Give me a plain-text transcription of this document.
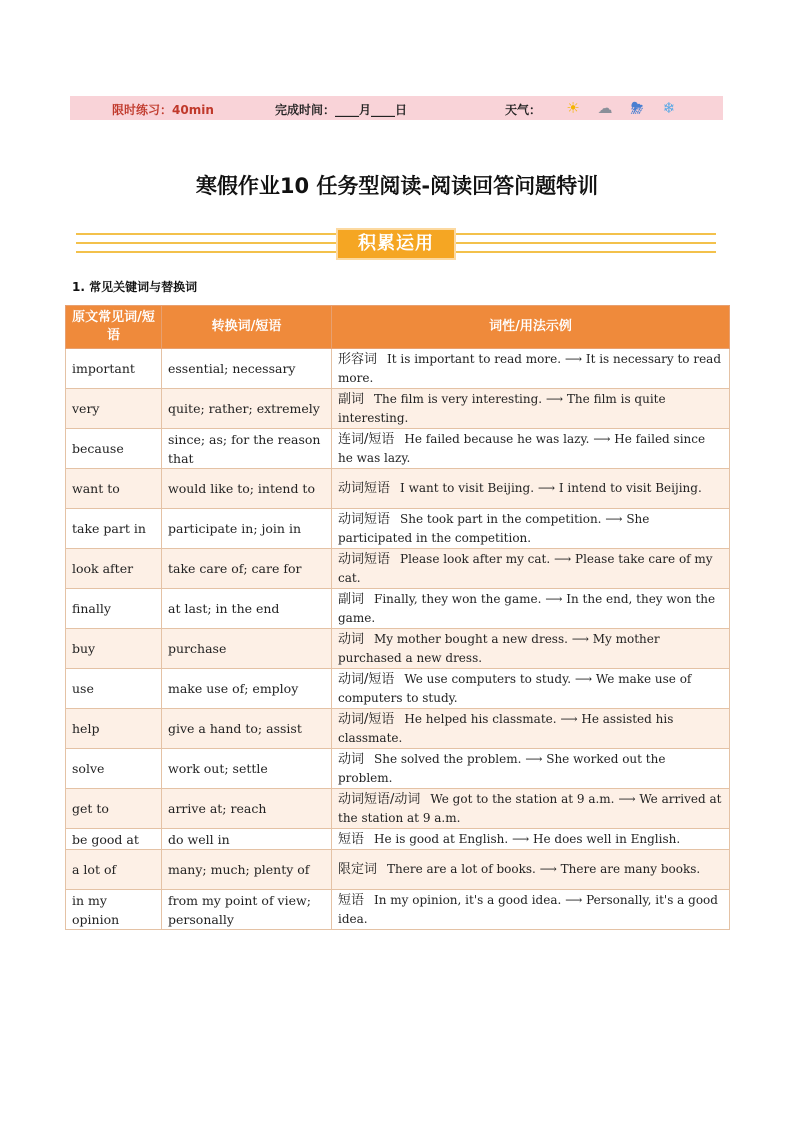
限时练习：40min	完成时间：____月____日	天气： ☀ ☁	⛈	❄
寒假作业10 任务型阅读-阅读回答问题特训
积累运用
1. 常见关键词与替换词
原文常见词/短语	转换词/短语	词性/用法示例
important	essential; necessary	形容词 It is important to read more. ⟶ It is necessary to read more.
very	quite; rather; extremely	副词 The film is very interesting. ⟶ The film is quite interesting.
because	since; as; for the reason that	连词/短语 He failed because he was lazy. ⟶ He failed since he was lazy.
want to	would like to; intend to	动词短语 I want to visit Beijing. ⟶ I intend to visit Beijing.
take part in	participate in; join in	动词短语 She took part in the competition. ⟶ She participated in the competition.
look after	take care of; care for	动词短语 Please look after my cat. ⟶ Please take care of my cat.
finally	at last; in the end	副词 Finally, they won the game. ⟶ In the end, they won the game.
buy	purchase	动词 My mother bought a new dress. ⟶ My mother purchased a new dress.
use	make use of; employ	动词/短语 We use computers to study. ⟶ We make use of computers to study.
help	give a hand to; assist	动词/短语 He helped his classmate. ⟶ He assisted his classmate.
solve	work out; settle	动词 She solved the problem. ⟶ She worked out the problem.
get to	arrive at; reach	动词短语/动词 We got to the station at 9 a.m. ⟶ We arrived at the station at 9 a.m.
be good at	do well in	短语 He is good at English. ⟶ He does well in English.
a lot of	many; much; plenty of	限定词 There are a lot of books. ⟶ There are many books.
in my opinion	from my point of view; personally	短语 In my opinion, it's a good idea. ⟶ Personally, it's a good idea.
